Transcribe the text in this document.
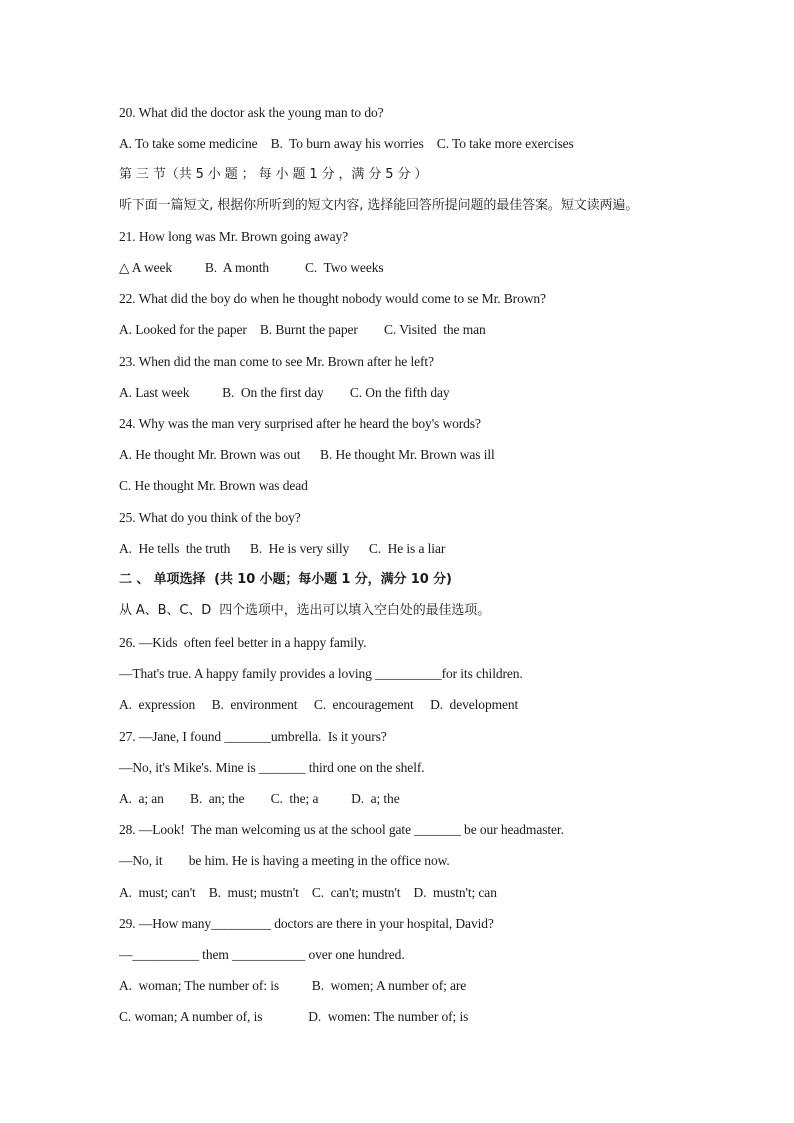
20. What did the doctor ask the young man to do?
A. To take some medicine    B.  To burn away his worries    C. To take more exercises
第 三 节（共 5 小 题 ； 每 小 题 1 分 ，满 分 5 分 ）
听下面一篇短文, 根据你所听到的短文内容, 选择能回答所提问题的最佳答案。短文读两遍。
21. How long was Mr. Brown going away?
△ A week          B.  A month           C.  Two weeks
22. What did the boy do when he thought nobody would come to se Mr. Brown?
A. Looked for the paper    B. Burnt the paper        C. Visited  the man
23. When did the man come to see Mr. Brown after he left?
A. Last week          B.  On the first day        C. On the fifth day
24. Why was the man very surprised after he heard the boy's words?
A. He thought Mr. Brown was out      B. He thought Mr. Brown was ill
C. He thought Mr. Brown was dead
25. What do you think of the boy?
A.  He tells  the truth      B.  He is very silly      C.  He is a liar
二 、 单项选择  (共 10 小题；每小题 1 分，满分 10 分)
从 A、B、C、D  四个选项中，选出可以填入空白处的最佳选项。
26. —Kids  often feel better in a happy family.
—That's true. A happy family provides a loving __________for its children.
A.  expression     B.  environment     C.  encouragement     D.  development
27. —Jane, I found _______umbrella.  Is it yours?
—No, it's Mike's. Mine is _______ third one on the shelf.
A.  a; an        B.  an; the        C.  the; a          D.  a; the
28. —Look!  The man welcoming us at the school gate _______ be our headmaster.
—No, it        be him. He is having a meeting in the office now.
A.  must; can't    B.  must; mustn't    C.  can't; mustn't    D.  mustn't; can
29. —How many_________ doctors are there in your hospital, David?
—__________ them ___________ over one hundred.
A.  woman; The number of: is          B.  women; A number of; are
C. woman; A number of, is              D.  women: The number of; is
